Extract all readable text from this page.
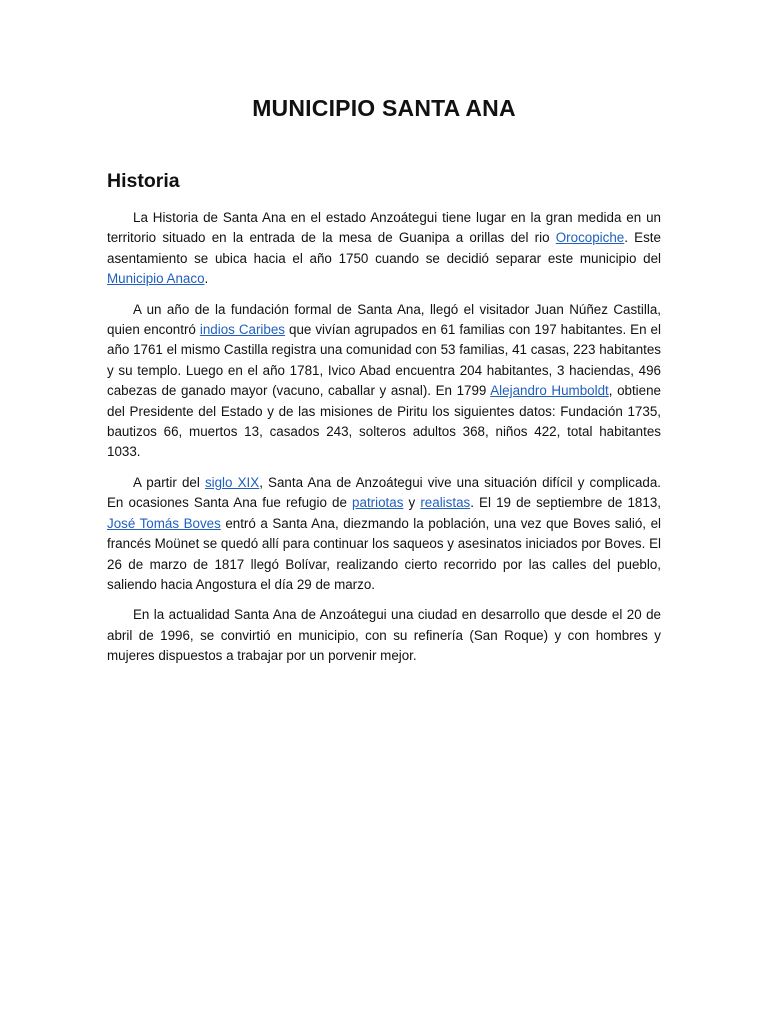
MUNICIPIO SANTA ANA
Historia

La Historia de Santa Ana en el estado Anzoátegui tiene lugar en la gran medida en un territorio situado en la entrada de la mesa de Guanipa a orillas del rio Orocopiche. Este asentamiento se ubica hacia el año 1750 cuando se decidió separar este municipio del Municipio Anaco.

A un año de la fundación formal de Santa Ana, llegó el visitador Juan Núñez Castilla, quien encontró indios Caribes que vivían agrupados en 61 familias con 197 habitantes. En el año 1761 el mismo Castilla registra una comunidad con 53 familias, 41 casas, 223 habitantes y su templo. Luego en el año 1781, Ivico Abad encuentra 204 habitantes, 3 haciendas, 496 cabezas de ganado mayor (vacuno, caballar y asnal). En 1799 Alejandro Humboldt, obtiene del Presidente del Estado y de las misiones de Piritu los siguientes datos: Fundación 1735, bautizos 66, muertos 13, casados 243, solteros adultos 368, niños 422, total habitantes 1033.

A partir del siglo XIX, Santa Ana de Anzoátegui vive una situación difícil y complicada. En ocasiones Santa Ana fue refugio de patriotas y realistas. El 19 de septiembre de 1813, José Tomás Boves entró a Santa Ana, diezmando la población, una vez que Boves salió, el francés Moünet se quedó allí para continuar los saqueos y asesinatos iniciados por Boves. El 26 de marzo de 1817 llegó Bolívar, realizando cierto recorrido por las calles del pueblo, saliendo hacia Angostura el día 29 de marzo.

En la actualidad Santa Ana de Anzoátegui una ciudad en desarrollo que desde el 20 de abril de 1996, se convirtió en municipio, con su refinería (San Roque) y con hombres y mujeres dispuestos a trabajar por un porvenir mejor.
